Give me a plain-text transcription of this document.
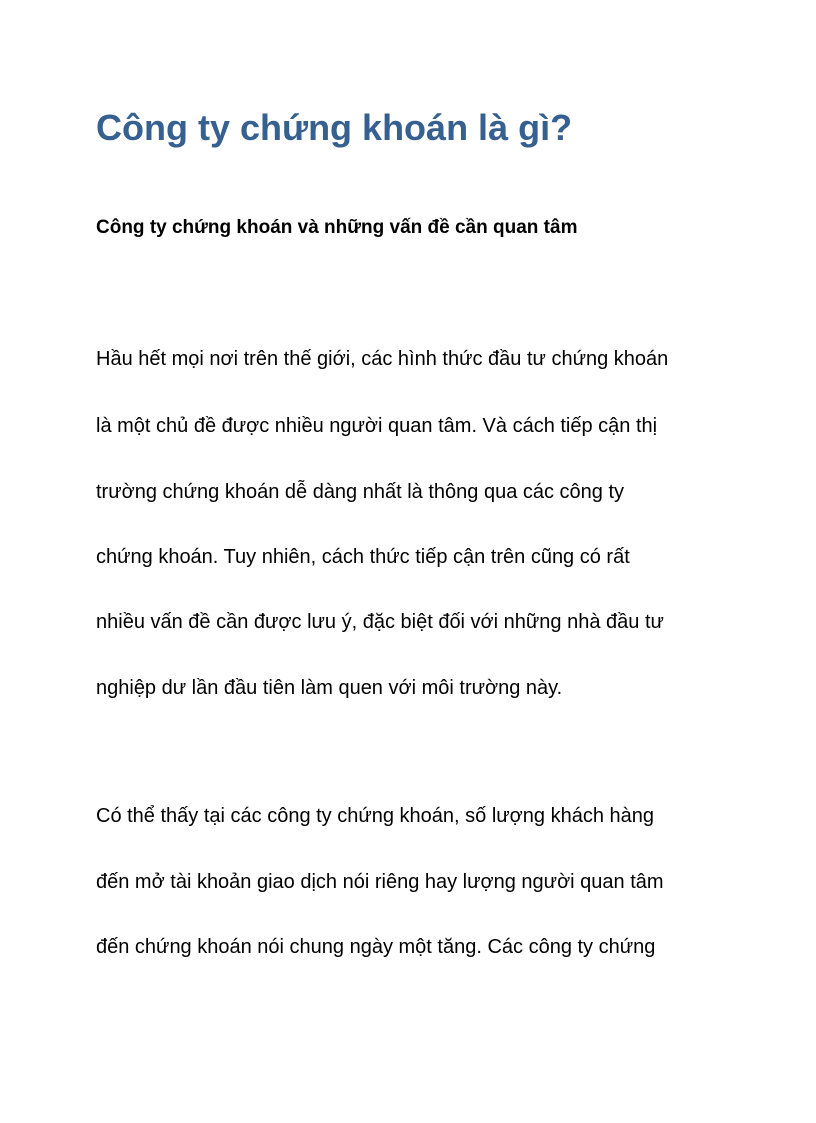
Công ty chứng khoán là gì?
Công ty chứng khoán và những vấn đề cần quan tâm

Hầu hết mọi nơi trên thế giới, các hình thức đầu tư chứng khoán

là một chủ đề được nhiều người quan tâm. Và cách tiếp cận thị

trường chứng khoán dễ dàng nhất là thông qua các công ty

chứng khoán. Tuy nhiên, cách thức tiếp cận trên cũng có rất

nhiều vấn đề cần được lưu ý, đặc biệt đối với những nhà đầu tư

nghiệp dư lần đầu tiên làm quen với môi trường này.

Có thể thấy tại các công ty chứng khoán, số lượng khách hàng

đến mở tài khoản giao dịch nói riêng hay lượng người quan tâm

đến chứng khoán nói chung ngày một tăng. Các công ty chứng
